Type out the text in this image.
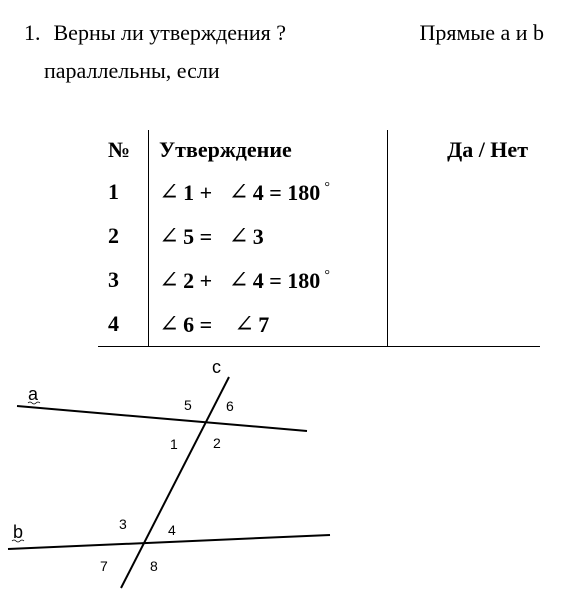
1. Верны ли утверждения ?	Прямые a и b
параллельны, если
№	Утверждение	Да / Нет
1	∠ 1 + ∠ 4 = 180 °	
2	∠ 5 = ∠ 3	
3	∠ 2 + ∠ 4 = 180 °	
4	∠ 6 = ∠ 7	
a
b
c
5 6
1	2
3	4
7	8
